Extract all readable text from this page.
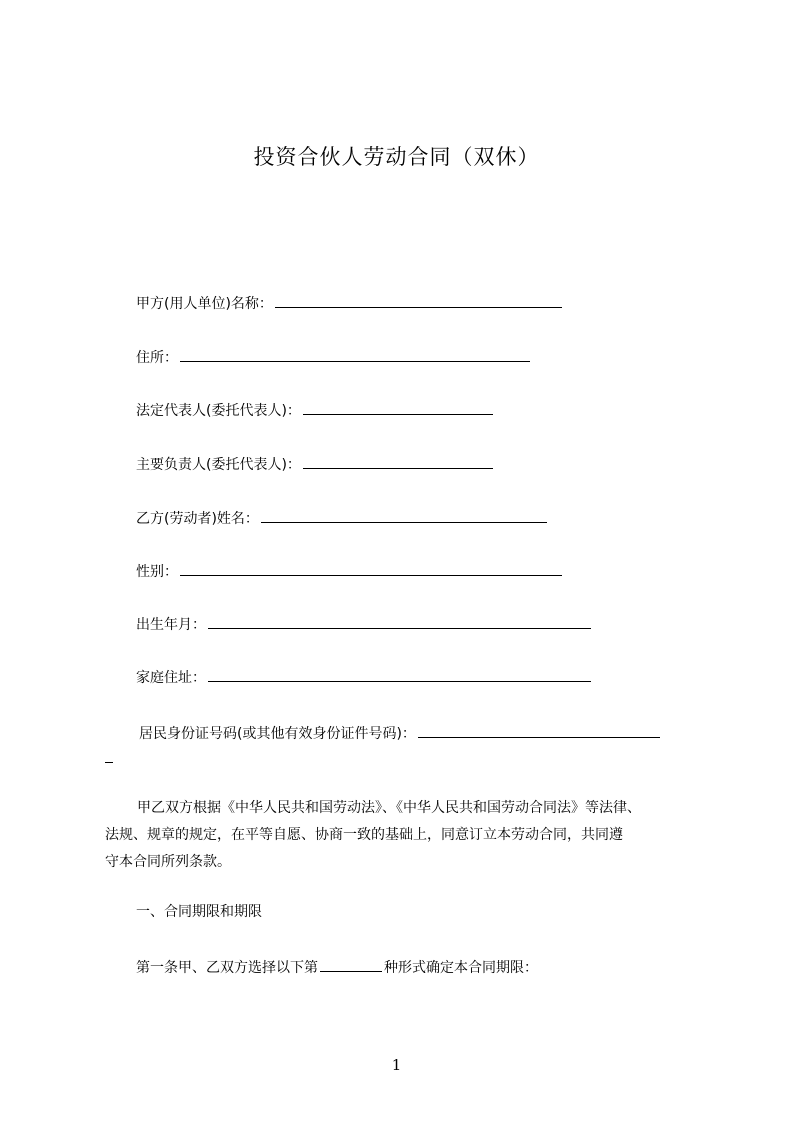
投资合伙人劳动合同（双休）
甲方(用人单位)名称：
住所：
法定代表人(委托代表人)：
主要负责人(委托代表人)：
乙方(劳动者)姓名：
性别：
出生年月：
家庭住址：
居民身份证号码(或其他有效身份证件号码)：
甲乙双方根据《中华人民共和国劳动法》、《中华人民共和国劳动合同法》等法律、
法规、规章的规定，在平等自愿、协商一致的基础上，同意订立本劳动合同，共同遵
守本合同所列条款。
一、合同期限和期限
第一条甲、乙双方选择以下第	种形式确定本合同期限：
1
